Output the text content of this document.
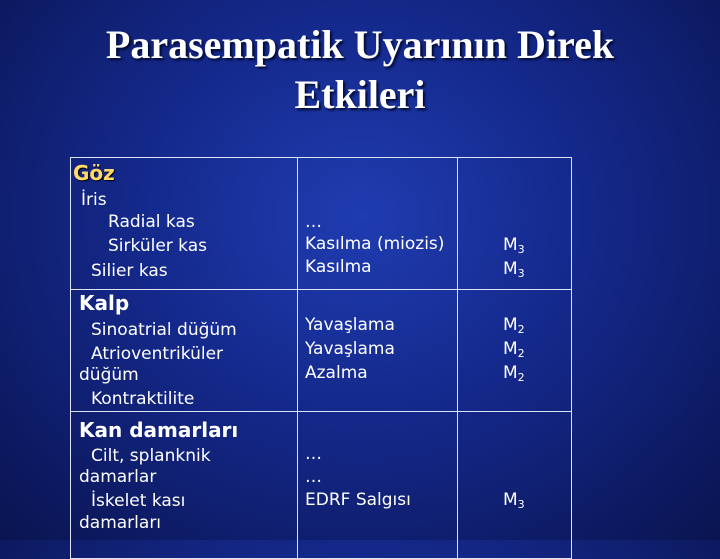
Parasempatik Uyarının Direk
Etkileri
Göz
İris
Radial kas
Sirküler kas
Silier kas
…
Kasılma (miozis)
Kasılma
$M_3$
$M_3$
Kalp
Sinoatrial düğüm
Atrioventriküler
düğüm
Kontraktilite
Yavaşlama
Yavaşlama
Azalma
$M_2$
$M_2$
$M_2$
Kan damarları
Cilt, splanknik
damarlar
İskelet kası
damarları
…
…
EDRF Salgısı	$M_3$
